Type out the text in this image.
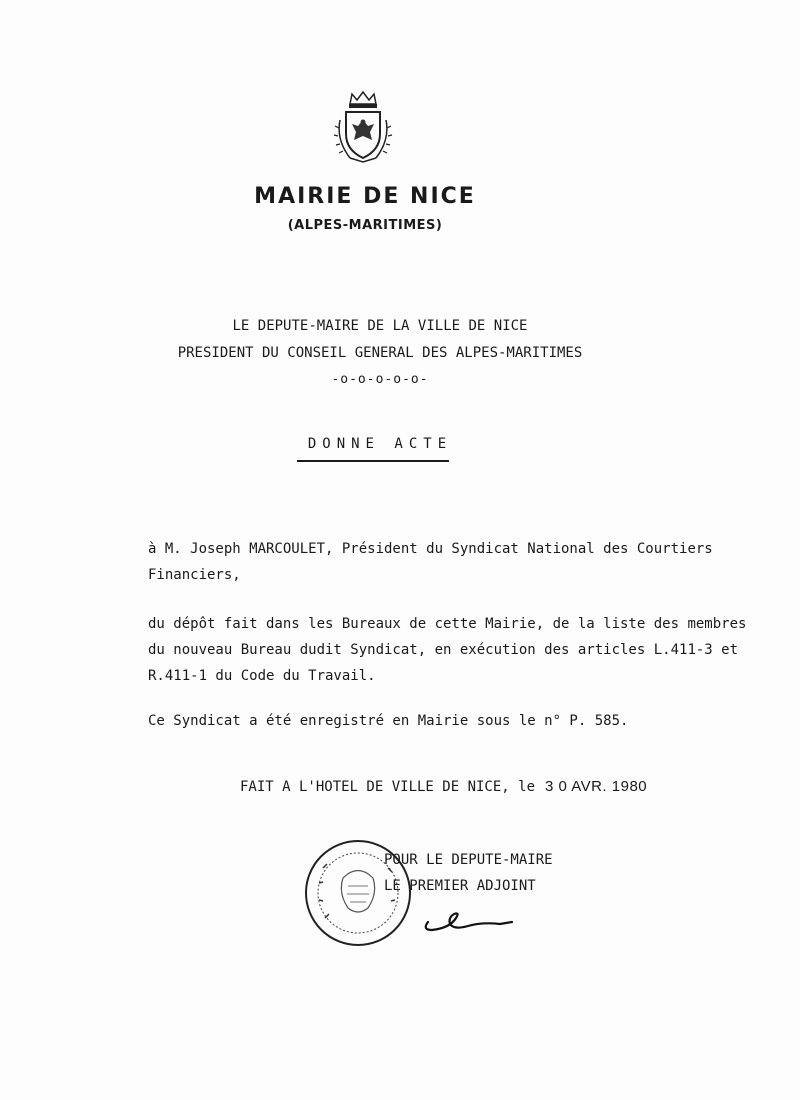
MAIRIE DE NICE
(ALPES-MARITIMES)
LE DEPUTE-MAIRE DE LA VILLE DE NICE
PRESIDENT DU CONSEIL GENERAL DES ALPES-MARITIMES
-o-o-o-o-o-
DONNE ACTE
à M. Joseph MARCOULET, Président du Syndicat National des Courtiers
Financiers,
du dépôt fait dans les Bureaux de cette Mairie, de la liste des membres
du nouveau Bureau dudit Syndicat, en exécution des articles L.411-3 et
R.411-1 du Code du Travail.
Ce Syndicat a été enregistré en Mairie sous le n° P. 585.
FAIT A L'HOTEL DE VILLE DE NICE, le 3 0 AVR. 1980
POUR LE DEPUTE-MAIRE
LE PREMIER ADJOINT
